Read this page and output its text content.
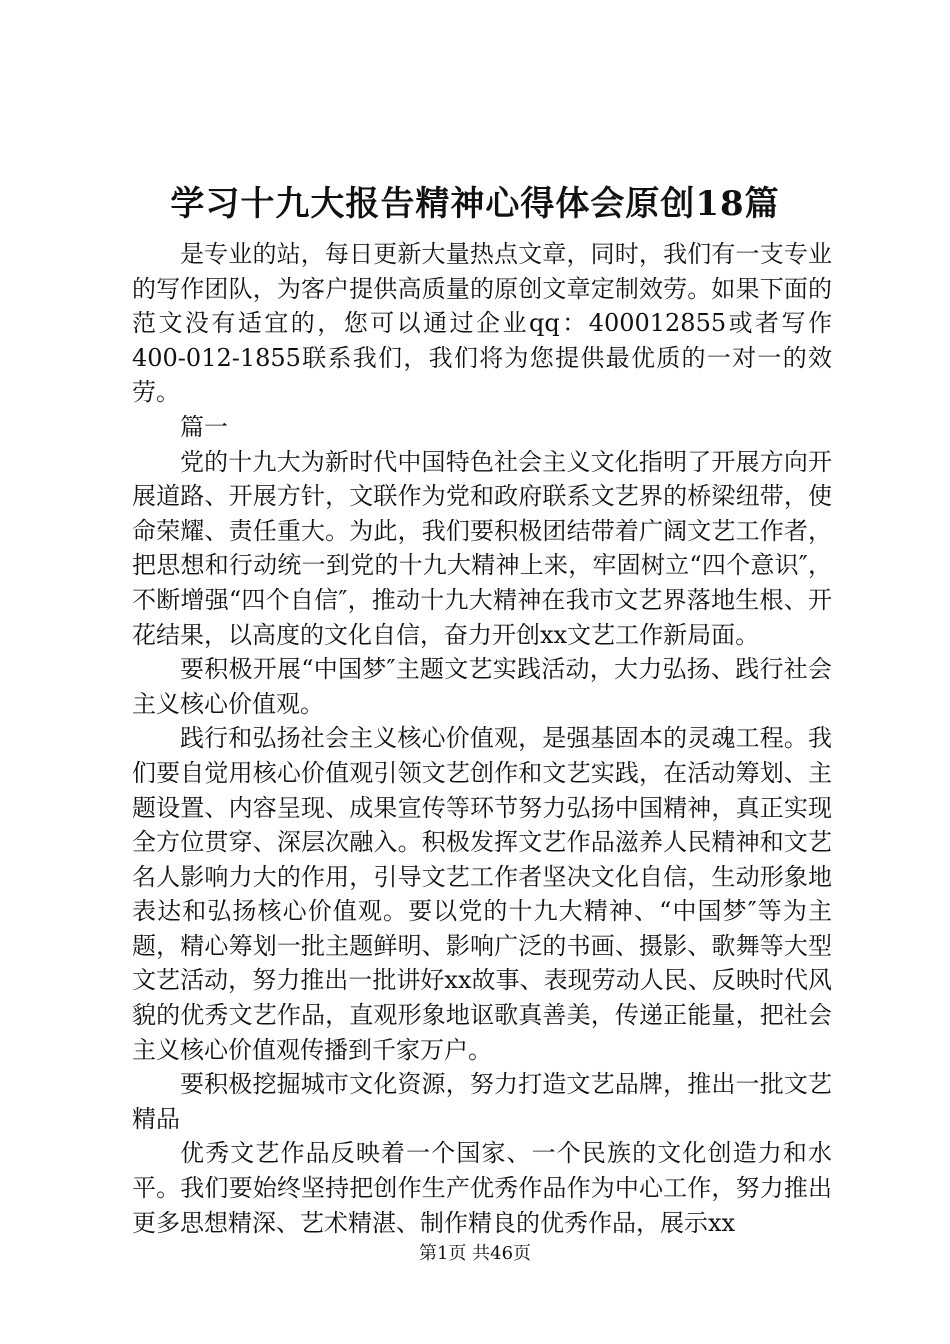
学习十九大报告精神心得体会原创18篇

是专业的站，每日更新大量热点文章，同时，我们有一支专业的写作团队，为客户提供高质量的原创文章定制效劳。如果下面的范文没有适宜的，您可以通过企业qq：400012855或者写作　 400-012-1855联系我们，我们将为您提供最优质的一对一的效劳。

篇一

党的十九大为新时代中国特色社会主义文化指明了开展方向开展道路、开展方针，文联作为党和政府联系文艺界的桥梁纽带，使命荣耀、责任重大。为此，我们要积极团结带着广阔文艺工作者，把思想和行动统一到党的十九大精神上来，牢固树立“四个意识″，不断增强“四个自信″，推动十九大精神在我市文艺界落地生根、开花结果，以高度的文化自信，奋力开创xx文艺工作新局面。

要积极开展“中国梦″主题文艺实践活动，大力弘扬、践行社会主义核心价值观。

践行和弘扬社会主义核心价值观，是强基固本的灵魂工程。我们要自觉用核心价值观引领文艺创作和文艺实践，在活动筹划、主题设置、内容呈现、成果宣传等环节努力弘扬中国精神，真正实现全方位贯穿、深层次融入。积极发挥文艺作品滋养人民精神和文艺名人影响力大的作用，引导文艺工作者坚决文化自信，生动形象地表达和弘扬核心价值观。要以党的十九大精神、“中国梦″等为主题，精心筹划一批主题鲜明、影响广泛的书画、摄影、歌舞等大型文艺活动，努力推出一批讲好xx故事、表现劳动人民、反映时代风貌的优秀文艺作品，直观形象地讴歌真善美，传递正能量，把社会主义核心价值观传播到千家万户。

要积极挖掘城市文化资源，努力打造文艺品牌，推出一批文艺精品

优秀文艺作品反映着一个国家、一个民族的文化创造力和水平。我们要始终坚持把创作生产优秀作品作为中心工作，努力推出更多思想精深、艺术精湛、制作精良的优秀作品，展示xx

第1页 共46页
